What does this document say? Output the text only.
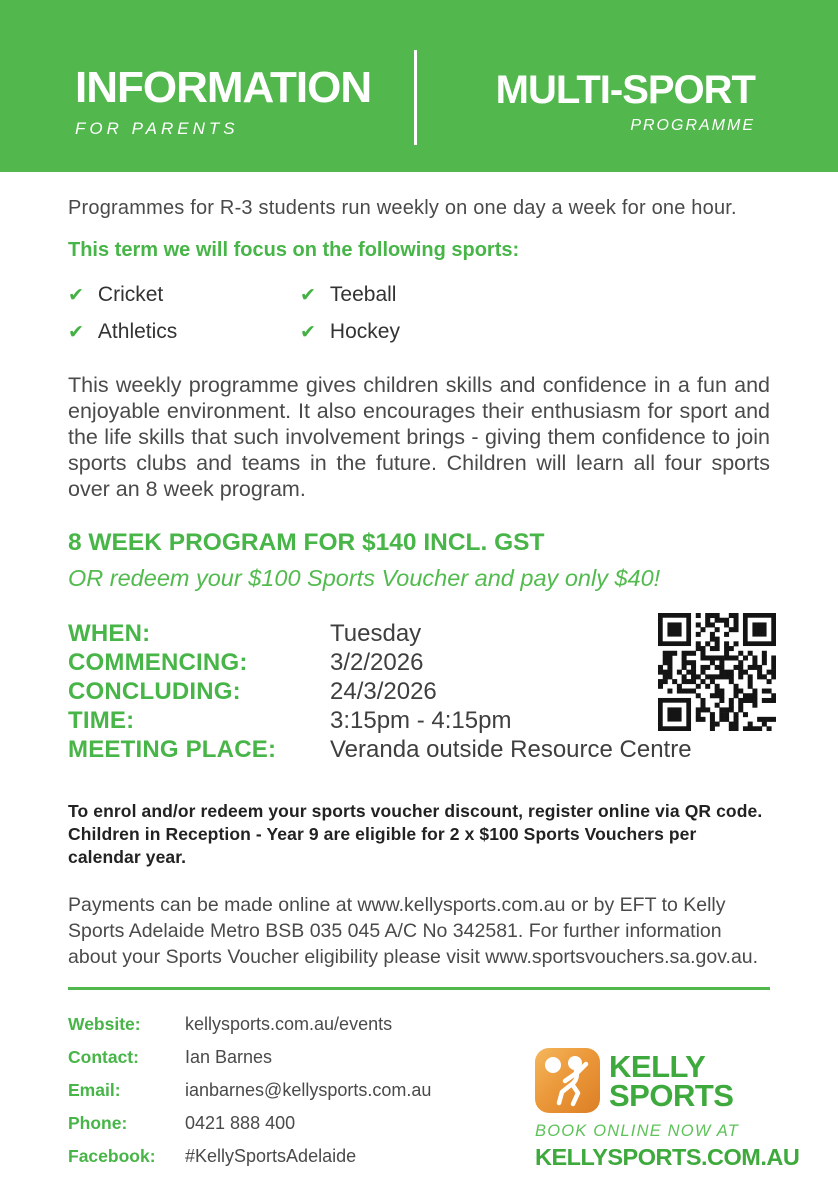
INFORMATION
FOR PARENTS
MULTI-SPORT
PROGRAMME
Programmes for R-3 students run weekly on one day a week for one hour.
This term we will focus on the following sports:
✔ Cricket	✔ Teeball
✔ Athletics	✔ Hockey
This weekly programme gives children skills and confidence in a fun and enjoyable environment. It also encourages their enthusiasm for sport and the life skills that such involvement brings - giving them confidence to join sports clubs and teams in the future. Children will learn all four sports over an 8 week program.
8 WEEK PROGRAM FOR $140 INCL. GST
OR redeem your $100 Sports Voucher and pay only $40!
WHEN:	Tuesday
COMMENCING:	3/2/2026
CONCLUDING:	24/3/2026
TIME:	3:15pm - 4:15pm
MEETING PLACE:	Veranda outside Resource Centre
To enrol and/or redeem your sports voucher discount, register online via QR code. Children in Reception - Year 9 are eligible for 2 x $100 Sports Vouchers per calendar year.
Payments can be made online at www.kellysports.com.au or by EFT to Kelly Sports Adelaide Metro BSB 035 045 A/C No 342581. For further information about your Sports Voucher eligibility please visit www.sportsvouchers.sa.gov.au.
Website:	kellysports.com.au/events
Contact:	Ian Barnes
Email:	ianbarnes@kellysports.com.au
Phone:	0421 888 400
Facebook:	#KellySportsAdelaide
KELLY
SPORTS
BOOK ONLINE NOW AT
KELLYSPORTS.COM.AU
